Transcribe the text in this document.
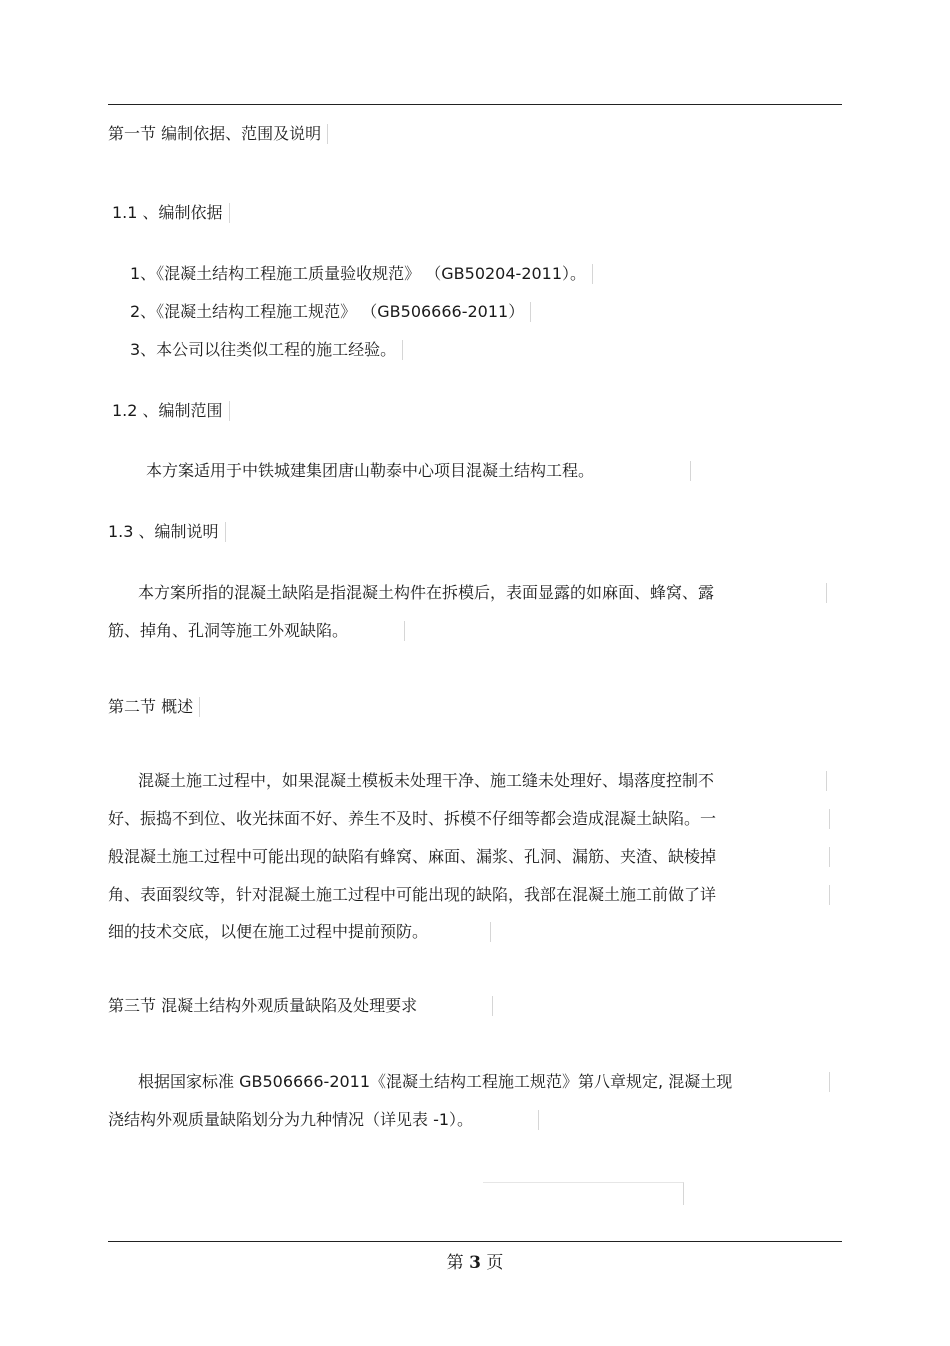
第一节 编制依据、范围及说明
1.1 、编制依据
1、《混凝土结构工程施工质量验收规范》 （GB50204-2011）。
2、《混凝土结构工程施工规范》 （GB506666-2011）
3、本公司以往类似工程的施工经验。
1.2 、编制范围
本方案适用于中铁城建集团唐山勒泰中心项目混凝土结构工程。
1.3 、编制说明
本方案所指的混凝土缺陷是指混凝土构件在拆模后，表面显露的如麻面、蜂窝、露
筋、掉角、孔洞等施工外观缺陷。
第二节 概述
混凝土施工过程中，如果混凝土模板未处理干净、施工缝未处理好、塌落度控制不
好、振捣不到位、收光抹面不好、养生不及时、拆模不仔细等都会造成混凝土缺陷。一
般混凝土施工过程中可能出现的缺陷有蜂窝、麻面、漏浆、孔洞、漏筋、夹渣、缺棱掉
角、表面裂纹等，针对混凝土施工过程中可能出现的缺陷，我部在混凝土施工前做了详
细的技术交底，以便在施工过程中提前预防。
第三节 混凝土结构外观质量缺陷及处理要求
根据国家标准 GB506666-2011《混凝土结构工程施工规范》第八章规定, 混凝土现
浇结构外观质量缺陷划分为九种情况（详见表 -1）。
第 3 页
